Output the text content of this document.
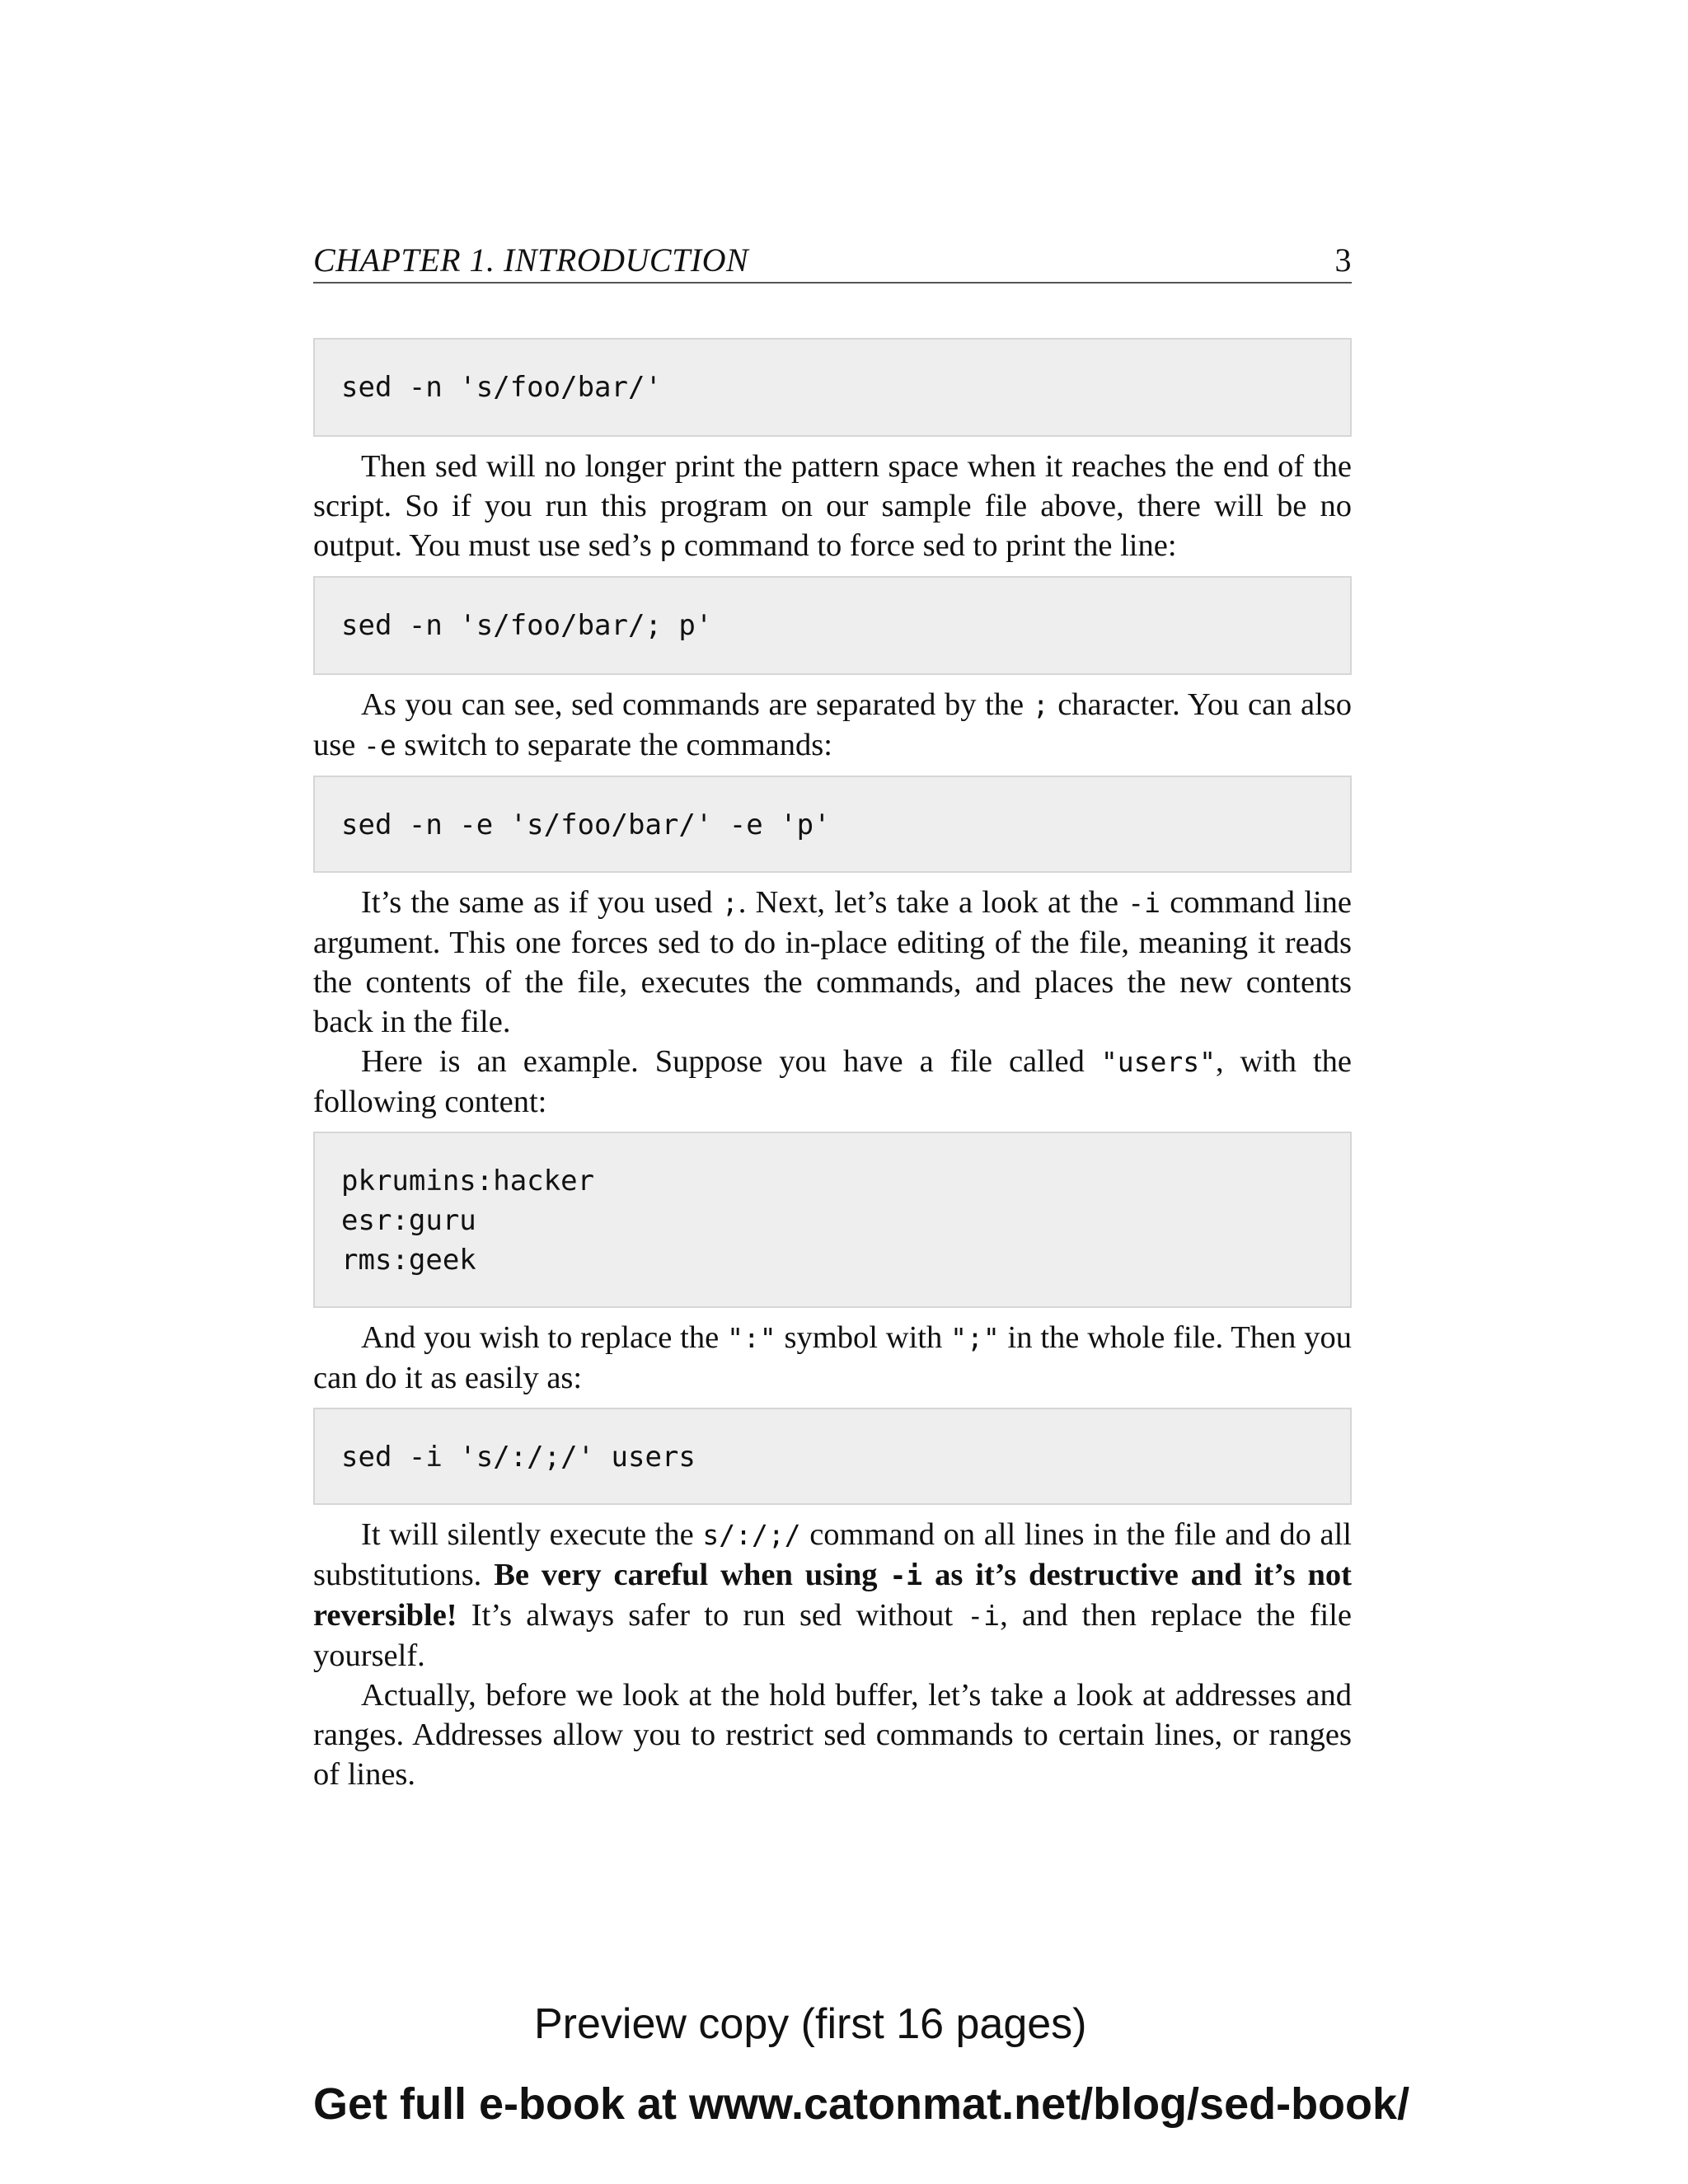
CHAPTER 1. INTRODUCTION	3
sed -n 's/foo/bar/'

Then sed will no longer print the pattern space when it reaches the end of the script. So if you run this program on our sample file above, there will be no output. You must use sed’s p command to force sed to print the line:

sed -n 's/foo/bar/; p'

As you can see, sed commands are separated by the ; character. You can also use -e switch to separate the commands:

sed -n -e 's/foo/bar/' -e 'p'

It’s the same as if you used ;. Next, let’s take a look at the -i command line argument. This one forces sed to do in-place editing of the file, meaning it reads the contents of the file, executes the commands, and places the new contents back in the file.

Here is an example. Suppose you have a file called "users", with the following content:

pkrumins:hacker
esr:guru
rms:geek

And you wish to replace the ":" symbol with ";" in the whole file. Then you can do it as easily as:

sed -i 's/:/;/' users

It will silently execute the s/:/;/ command on all lines in the file and do all substitutions. Be very careful when using -i as it’s destructive and it’s not reversible! It’s always safer to run sed without -i, and then replace the file yourself.

Actually, before we look at the hold buffer, let’s take a look at addresses and ranges. Addresses allow you to restrict sed commands to certain lines, or ranges of lines.

Preview copy (first 16 pages)
Get full e-book at www.catonmat.net/blog/sed-book/
